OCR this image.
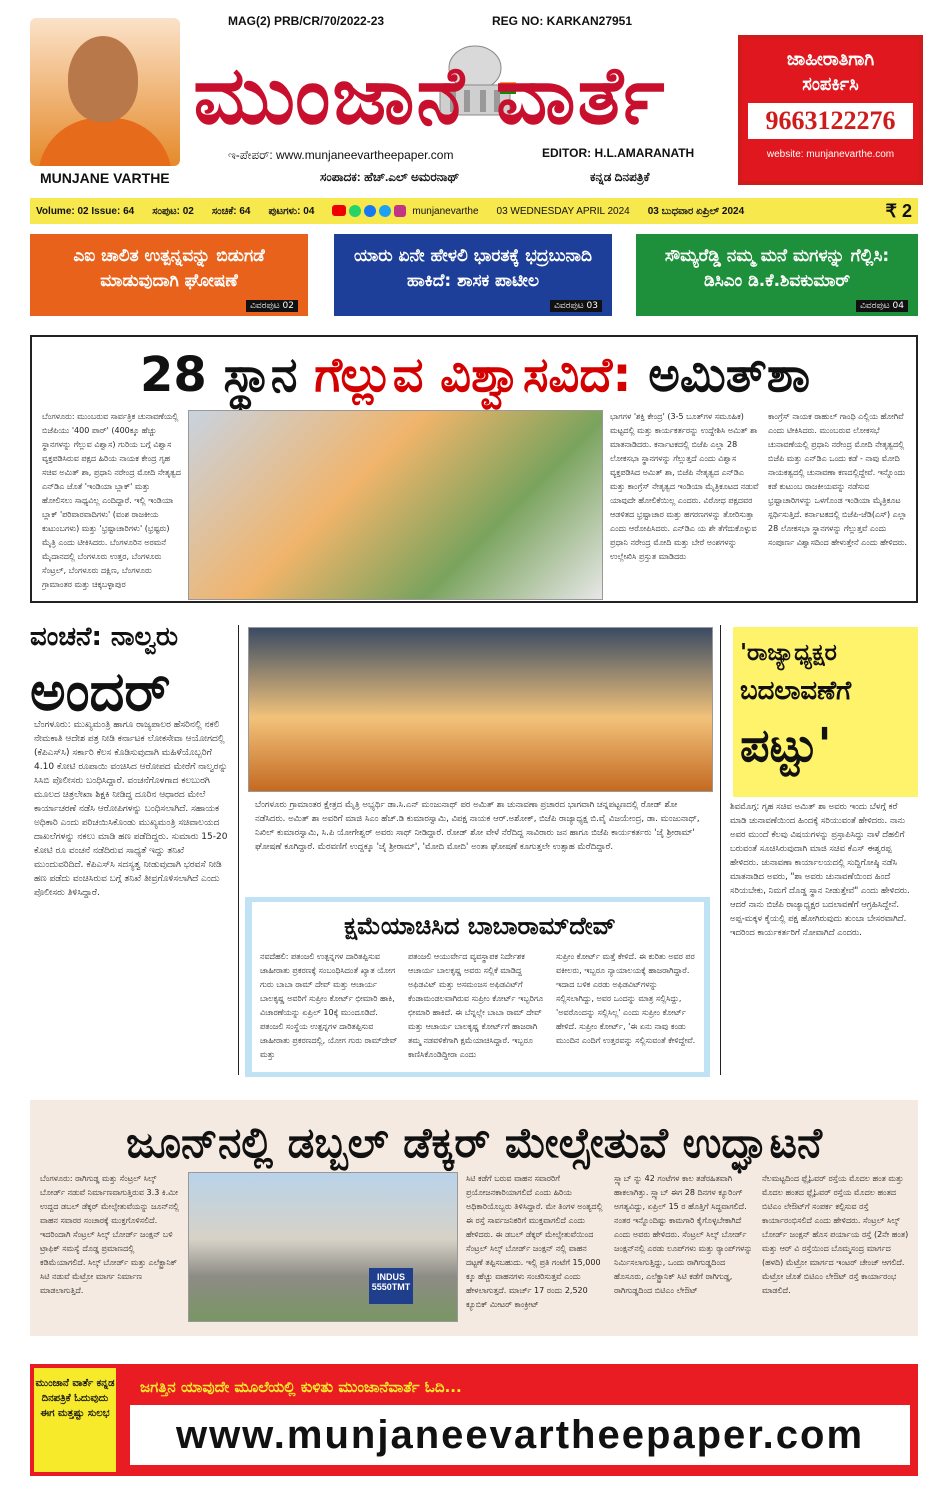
MUNJANE VARTHE
MAG(2) PRB/CR/70/2022-23	REG NO: KARKAN27951
ಮುಂಜಾನೆ ವಾರ್ತೆ
ಇ-ಪೇಪರ್: www.munjaneevartheepaper.com	EDITOR: H.L.AMARANATH
ಸಂಪಾದಕ: ಹೆಚ್.ಎಲ್ ಅಮರನಾಥ್	ಕನ್ನಡ ದಿನಪತ್ರಿಕೆ
ಜಾಹೀರಾತಿಗಾಗಿ
ಸಂಪರ್ಕಿಸಿ
9663122276
website: munjanevarthe.com
Volume: 02 Issue: 64 ಸಂಪುಟ: 02 ಸಂಚಿಕೆ: 64 ಪುಟಗಳು: 04	munjanevarthe 03 WEDNESDAY APRIL 2024 03 ಬುಧವಾರ ಏಪ್ರಿಲ್ 2024	₹ 2
ಎಐ ಚಾಲಿತ ಉತ್ಪನ್ನವನ್ನು ಬಿಡುಗಡೆ ಮಾಡುವುದಾಗಿ ಘೋಷಣೆ
ವಿವರಪುಟ 02
ಯಾರು ಏನೇ ಹೇಳಲಿ ಭಾರತಕ್ಕೆ ಭದ್ರಬುನಾದಿ ಹಾಕಿದೆ: ಶಾಸಕ ಪಾಟೀಲ
ವಿವರಪುಟ 03
ಸೌಮ್ಯರೆಡ್ಡಿ ನಮ್ಮ ಮನೆ ಮಗಳನ್ನು ಗೆಲ್ಲಿಸಿ: ಡಿಸಿಎಂ ಡಿ.ಕೆ.ಶಿವಕುಮಾರ್
ವಿವರಪುಟ 04
28 ಸ್ಥಾನ ಗೆಲ್ಲುವ ವಿಶ್ವಾಸವಿದೆ: ಅಮಿತ್‌ಶಾ
ಬೆಂಗಳೂರು: ಮುಂಬರುವ ಸಾರ್ವತ್ರಿಕ ಚುನಾವಣೆಯಲ್ಲಿ ಬಿಜೆಪಿಯು '400 ಪಾರ್' (400ಕ್ಕೂ ಹೆಚ್ಚು ಸ್ಥಾನಗಳನ್ನು ಗೆಲ್ಲುವ ವಿಶ್ವಾಸ) ಗುರಿಯ ಬಗ್ಗೆ ವಿಶ್ವಾಸ ವ್ಯಕ್ತಪಡಿಸಿರುವ ಪಕ್ಷದ ಹಿರಿಯ ನಾಯಕ ಕೇಂದ್ರ ಗೃಹ ಸಚಿವ ಅಮಿತ್ ಶಾ, ಪ್ರಧಾನಿ ನರೇಂದ್ರ ಮೋದಿ ನೇತೃತ್ವದ ಎನ್‌ಡಿಎ ಜೊತೆ 'ಇಂಡಿಯಾ ಬ್ಲಾಕ್' ಮತ್ತು ಹೋಲಿಸಲು ಸಾಧ್ಯವಿಲ್ಲ ಎಂದಿದ್ದಾರೆ. ಇಲ್ಲಿ ಇಂಡಿಯಾ ಬ್ಲಾಕ್ 'ಪರಿವಾರವಾದಿಗಳು' (ವಂಶ ರಾಜಕೀಯ ಕುಟುಂಬಗಳು) ಮತ್ತು 'ಭ್ರಷ್ಟಾಚಾರಿಗಳು' (ಭ್ರಷ್ಟರು) ಮೈತ್ರಿ ಎಂದು ಟೀಕಿಸಿದರು. ಬೆಂಗಳೂರಿನ ಅರಮನೆ ಮೈದಾನದಲ್ಲಿ ಬೆಂಗಳೂರು ಉತ್ತರ, ಬೆಂಗಳೂರು ಸೆಂಟ್ರಲ್, ಬೆಂಗಳೂರು ದಕ್ಷಿಣ, ಬೆಂಗಳೂರು ಗ್ರಾಮಾಂತರ ಮತ್ತು ಚಿಕ್ಕಬಳ್ಳಾಪುರ
ಭಾಗಗಳ 'ಶಕ್ತಿ ಕೇಂದ್ರ' (3-5 ಬೂತ್‌ಗಳ ಸಮೂಹಿಕ) ಮಟ್ಟದಲ್ಲಿ ಮತ್ತು ಕಾರ್ಯಕರ್ತರನ್ನು ಉದ್ದೇಶಿಸಿ ಅಮಿತ್ ಶಾ ಮಾತನಾಡಿದರು. ಕರ್ನಾಟಕದಲ್ಲಿ ಬಿಜೆಪಿ ಎಲ್ಲಾ 28 ಲೋಕಸಭಾ ಸ್ಥಾನಗಳನ್ನು ಗೆಲ್ಲುತ್ತದೆ ಎಂದು ವಿಶ್ವಾಸ ವ್ಯಕ್ತಪಡಿಸಿದ ಅಮಿತ್ ಶಾ, ಬಿಜೆಪಿ ನೇತೃತ್ವದ ಎನ್‌ಡಿಎ ಮತ್ತು ಕಾಂಗ್ರೆಸ್ ನೇತೃತ್ವದ ಇಂಡಿಯಾ ಮೈತ್ರಿಕೂಟದ ನಡುವೆ ಯಾವುದೇ ಹೋಲಿಕೆಯಿಲ್ಲ ಎಂದರು. ವಿರೋಧ ಪಕ್ಷದವರ ಆಡಳಿತದ ಭ್ರಷ್ಟಾಚಾರ ಮತ್ತು ಹಗರಣಗಳನ್ನು ತೋರಿಸುತ್ತಾ ಎಂದು ಆರೋಪಿಸಿದರು. ಎನ್‌ಡಿಎ ಯ ಶೇ ತೆಗೆದುಕೊಳ್ಳುವ ಪ್ರಧಾನಿ ನರೇಂದ್ರ ಮೋದಿ ಮತ್ತು ಬೇರೆ ಅಂಶಗಳನ್ನು ಉಲ್ಲೇಖಿಸಿ ಪ್ರಸ್ತುತ ಮಾಡಿದರು
ಕಾಂಗ್ರೆಸ್ ನಾಯಕ ರಾಹುಲ್ ಗಾಂಧಿ ಎಲ್ಲಿಯ ಹೋಗಿವೆ ಎಂದು ಟೀಕಿಸಿದರು. ಮುಂಬರುವ ಲೋಕಸಭೆ ಚುನಾವಣೆಯಲ್ಲಿ ಪ್ರಧಾನಿ ನರೇಂದ್ರ ಮೋದಿ ನೇತೃತ್ವದಲ್ಲಿ ಬಿಜೆಪಿ ಮತ್ತು ಎನ್‌ಡಿಎ ಒಂದು ಕಡೆ - ನಾವು ಮೋದಿ ನಾಯಕತ್ವದಲ್ಲಿ ಚುನಾವಣಾ ಕಣದಲ್ಲಿದ್ದೇವೆ. ಇನ್ನೊಂದು ಕಡೆ ಕುಟುಂಬ ರಾಜಕೀಯವನ್ನು ನಡೆಸುವ ಭ್ರಷ್ಟಾಚಾರಿಗಳನ್ನು ಒಳಗೊಂಡ ಇಂಡಿಯಾ ಮೈತ್ರಿಕೂಟ ಸ್ಪರ್ಧಿಸುತ್ತಿದೆ. ಕರ್ನಾಟಕದಲ್ಲಿ ಬಿಜೆಪಿ-ಜೆಡಿ(ಎಸ್) ಎಲ್ಲಾ 28 ಲೋಕಸಭಾ ಸ್ಥಾನಗಳನ್ನು ಗೆಲ್ಲುತ್ತವೆ ಎಂದು ಸಂಪೂರ್ಣ ವಿಶ್ವಾಸದಿಂದ ಹೇಳುತ್ತೇನೆ ಎಂದು ಹೇಳಿದರು.
ವಂಚನೆ: ನಾಲ್ವರು
ಅಂದರ್
ಬೆಂಗಳೂರು: ಮುಖ್ಯಮಂತ್ರಿ ಹಾಗೂ ರಾಜ್ಯಪಾಲರ ಹೆಸರಿನಲ್ಲಿ ನಕಲಿ ನೇಮಕಾತಿ ಆದೇಶ ಪತ್ರ ನೀಡಿ ಕರ್ನಾಟಕ ಲೋಕಸೇವಾ ಆಯೋಗದಲ್ಲಿ (ಕೆಪಿಎಸ್‌ಸಿ) ಸರ್ಕಾರಿ ಕೆಲಸ ಕೊಡಿಸುವುದಾಗಿ ಮಹಿಳೆಯೊಬ್ಬರಿಗೆ 4.10 ಕೋಟಿ ರೂಪಾಯಿ ವಂಚಿಸಿದ ಆರೋಪದ ಮೇರೆಗೆ ನಾಲ್ವರನ್ನು ಸಿಸಿಬಿ ಪೊಲೀಸರು ಬಂಧಿಸಿದ್ದಾರೆ. ವಂಚನೆಗೊಳಗಾದ ಕಲಬುರಗಿ ಮೂಲದ ಚಿತ್ರಲೇಖಾ ಶಿಕ್ಷಕಿ ನೀಡಿದ್ದ ದೂರಿನ ಆಧಾರದ ಮೇಲೆ ಕಾರ್ಯಾಚರಣೆ ನಡೆಸಿ ಆರೋಪಿಗಳನ್ನು ಬಂಧಿಸಲಾಗಿದೆ. ಸಹಾಯಕ ಅಧಿಕಾರಿ ಎಂದು ಪರಿಚಯಿಸಿಕೊಂಡು ಮುಖ್ಯಮಂತ್ರಿ ಸಚಿವಾಲಯದ ದಾಖಲೆಗಳನ್ನು ನಕಲು ಮಾಡಿ ಹಣ ಪಡೆದಿದ್ದರು. ಸುಮಾರು 15-20 ಕೋಟಿ ರೂ ವಂಚನೆ ನಡೆದಿರುವ ಸಾಧ್ಯತೆ ಇದ್ದು ತನಿಖೆ ಮುಂದುವರಿದಿದೆ. ಕೆಪಿಎಸ್‌ಸಿ ಸದಸ್ಯತ್ವ ನೀಡುವುದಾಗಿ ಭರವಸೆ ನೀಡಿ ಹಣ ಪಡೆದು ವಂಚಿಸಿರುವ ಬಗ್ಗೆ ತನಿಖೆ ತೀವ್ರಗೊಳಿಸಲಾಗಿದೆ ಎಂದು ಪೊಲೀಸರು ತಿಳಿಸಿದ್ದಾರೆ.
ಬೆಂಗಳೂರು ಗ್ರಾಮಾಂತರ ಕ್ಷೇತ್ರದ ಮೈತ್ರಿ ಅಭ್ಯರ್ಥಿ ಡಾ.ಸಿ.ಎನ್ ಮಂಜುನಾಥ್ ಪರ ಅಮಿತ್ ಶಾ ಚುನಾವಣಾ ಪ್ರಚಾರದ ಭಾಗವಾಗಿ ಚನ್ನಪಟ್ಟಣದಲ್ಲಿ ರೋಡ್ ಶೋ ನಡೆಸಿದರು. ಅಮಿತ್ ಶಾ ಅವರಿಗೆ ಮಾಜಿ ಸಿಎಂ ಹೆಚ್.ಡಿ ಕುಮಾರಸ್ವಾಮಿ, ವಿಪಕ್ಷ ನಾಯಕ ಆರ್.ಅಶೋಕ್, ಬಿಜೆಪಿ ರಾಜ್ಯಾಧ್ಯಕ್ಷ ಬಿ.ವೈ ವಿಜಯೇಂದ್ರ, ಡಾ. ಮಂಜುನಾಥ್, ನಿಖಿಲ್ ಕುಮಾರಸ್ವಾಮಿ, ಸಿ.ಪಿ ಯೋಗೇಶ್ವರ್ ಅವರು ಸಾಥ್ ನೀಡಿದ್ದಾರೆ. ರೋಡ್ ಶೋ ವೇಳೆ ನೆರೆದಿದ್ದ ಸಾವಿರಾರು ಜನ ಹಾಗೂ ಬಿಜೆಪಿ ಕಾರ್ಯಕರ್ತರು 'ಜೈ ಶ್ರೀರಾಮ್' ಘೋಷಣೆ ಕೂಗಿದ್ದಾರೆ. ಮೆರವಣಿಗೆ ಉದ್ದಕ್ಕೂ 'ಜೈ ಶ್ರೀರಾಮ್', 'ಮೋದಿ ಮೋದಿ' ಅಂತಾ ಘೋಷಣೆ ಕೂಗುತ್ತಲೇ ಉತ್ಸಾಹ ಮೆರೆದಿದ್ದಾರೆ.
'ರಾಜ್ಯಾಧ್ಯಕ್ಷರ
ಬದಲಾವಣೆಗೆ
ಪಟ್ಟು'
ಶಿವಮೊಗ್ಗ: ಗೃಹ ಸಚಿವ ಅಮಿತ್ ಶಾ ಅವರು ಇಂದು ಬೆಳಗ್ಗೆ ಕರೆ ಮಾಡಿ ಚುನಾವಣೆಯಿಂದ ಹಿಂದಕ್ಕೆ ಸರಿಯುವಂತೆ ಹೇಳಿದರು. ನಾನು ಅವರ ಮುಂದೆ ಕೆಲವು ವಿಷಯಗಳನ್ನು ಪ್ರಸ್ತಾಪಿಸಿದ್ದು ನಾಳೆ ದೆಹಲಿಗೆ ಬರುವಂತೆ ಸೂಚಿಸಿರುವುದಾಗಿ ಮಾಜಿ ಸಚಿವ ಕೆಎಸ್ ಈಶ್ವರಪ್ಪ ಹೇಳಿದರು. ಚುನಾವಣಾ ಕಾರ್ಯಾಲಯದಲ್ಲಿ ಸುದ್ದಿಗೋಷ್ಠಿ ನಡೆಸಿ ಮಾತನಾಡಿದ ಅವರು, "ಶಾ ಅವರು ಚುನಾವಣೆಯಿಂದ ಹಿಂದೆ ಸರಿಯಬೇಕು, ನಿಮಗೆ ದೊಡ್ಡ ಸ್ಥಾನ ನೀಡುತ್ತೇವೆ" ಎಂದು ಹೇಳಿದರು. ಆದರೆ ನಾನು ಬಿಜೆಪಿ ರಾಜ್ಯಾಧ್ಯಕ್ಷರ ಬದಲಾವಣೆಗೆ ಆಗ್ರಹಿಸಿದ್ದೇನೆ. ಅಪ್ಪ-ಮಕ್ಕಳ ಕೈಯಲ್ಲಿ ಪಕ್ಷ ಹೋಗಿರುವುದು ತುಂಬಾ ಬೇಸರವಾಗಿದೆ. ಇದರಿಂದ ಕಾರ್ಯಕರ್ತರಿಗೆ ನೋವಾಗಿದೆ ಎಂದರು.
ಕ್ಷಮೆಯಾಚಿಸಿದ ಬಾಬಾರಾಮ್‌ದೇವ್
ನವದೆಹಲಿ: ಪತಂಜಲಿ ಉತ್ಪನ್ನಗಳ ದಾರಿತಪ್ಪಿಸುವ ಜಾಹೀರಾತು ಪ್ರಕರಣಕ್ಕೆ ಸಂಬಂಧಿಸಿದಂತೆ ಖ್ಯಾತ ಯೋಗ ಗುರು ಬಾಬಾ ರಾಮ್ ದೇವ್ ಮತ್ತು ಆಚಾರ್ಯ ಬಾಲಕೃಷ್ಣ ಅವರಿಗೆ ಸುಪ್ರೀಂ ಕೋರ್ಟ್ ಛೀಮಾರಿ ಹಾಕಿ, ವಿಚಾರಣೆಯನ್ನು ಏಪ್ರಿಲ್ 10ಕ್ಕೆ ಮುಂದೂಡಿದೆ. ಪತಂಜಲಿ ಸಂಸ್ಥೆಯ ಉತ್ಪನ್ನಗಳ ದಾರಿತಪ್ಪಿಸುವ ಜಾಹೀರಾತು ಪ್ರಕರಣದಲ್ಲಿ, ಯೋಗ ಗುರು ರಾಮ್‌ದೇವ್ ಮತ್ತು
ಪತಂಜಲಿ ಆಯುರ್ವೇದ ವ್ಯವಸ್ಥಾಪಕ ನಿರ್ದೇಶಕ ಆಚಾರ್ಯ ಬಾಲಕೃಷ್ಣ ಅವರು ಸಲ್ಲಿಕೆ ಮಾಡಿದ್ದ ಅಫಿಡವಿಟ್ ಮತ್ತು ಅಸಮಂಜಸ ಅಫಿಡವಿಟ್‌ಗೆ ಕೆಂಡಾಮಂಡಲವಾಗಿರುವ ಸುಪ್ರೀಂ ಕೋರ್ಟ್ ಇಬ್ಬರಿಗೂ ಛೀಮಾರಿ ಹಾಕಿದೆ. ಈ ಬೆನ್ನಲ್ಲೇ ಬಾಬಾ ರಾಮ್ ದೇವ್ ಮತ್ತು ಆಚಾರ್ಯ ಬಾಲಕೃಷ್ಣ ಕೋರ್ಟ್‌ಗೆ ಹಾಜರಾಗಿ ತಮ್ಮ ನಡವಳಿಕೆಗಾಗಿ ಕ್ಷಮೆಯಾಚಿಸಿದ್ದಾರೆ. ಇಬ್ಬರೂ ಕಾಣಿಸಿಕೊಂಡಿದ್ದೀರಾ ಎಂದು
ಸುಪ್ರೀಂ ಕೋರ್ಟ್ ಮತ್ತೆ ಕೇಳಿದೆ. ಈ ಕುರಿತು ಅವರ ಪರ ವಕೀಲರು, ಇಬ್ಬರೂ ನ್ಯಾಯಾಲಯಕ್ಕೆ ಹಾಜರಾಗಿದ್ದಾರೆ. ಇದಾದ ಬಳಿಕ ಎರಡು ಅಫಿಡವಿಟ್‌ಗಳನ್ನು ಸಲ್ಲಿಸಲಾಗಿದ್ದು, ಅವರ ಒಂದನ್ನು ಮಾತ್ರ ಸಲ್ಲಿಸಿದ್ದು, 'ಅವರೊಂದನ್ನು ಸಲ್ಲಿಸಿಲ್ಲ' ಎಂದು ಸುಪ್ರೀಂ ಕೋರ್ಟ್ ಹೇಳಿದೆ. ಸುಪ್ರೀಂ ಕೋರ್ಟ್, 'ಈ ಏನು ನಾವು ಕಂಡು ಮುಂದಿನ ಎಂದಿಗೆ ಉತ್ತರವನ್ನು ಸಲ್ಲಿಸುವಂತೆ ಕೇಳಿದ್ದೇವೆ.
ಜೂನ್‌ನಲ್ಲಿ ಡಬ್ಬಲ್ ಡೆಕ್ಕರ್ ಮೇಲ್ಸೇತುವೆ ಉದ್ಘಾಟನೆ
ಬೆಂಗಳೂರು: ರಾಗಿಗುಡ್ಡ ಮತ್ತು ಸೆಂಟ್ರಲ್ ಸಿಲ್ಕ್ ಬೋರ್ಡ್ ನಡುವೆ ನಿರ್ಮಾಣವಾಗುತ್ತಿರುವ 3.3 ಕಿ.ಮೀ ಉದ್ದದ ಡಬಲ್ ಡೆಕ್ಕರ್ ಮೇಲ್ಸೇತುವೆಯನ್ನು ಜೂನ್‌ನಲ್ಲಿ ವಾಹನ ಸವಾರರ ಸಂಚಾರಕ್ಕೆ ಮುಕ್ತಗೊಳಿಸಲಿದೆ. ಇದರಿಂದಾಗಿ ಸೆಂಟ್ರಲ್ ಸಿಲ್ಕ್ ಬೋರ್ಡ್ ಜಂಕ್ಷನ್ ಬಳಿ ಟ್ರಾಫಿಕ್ ಸಮಸ್ಯೆ ದೊಡ್ಡ ಪ್ರಮಾಣದಲ್ಲಿ ಕಡಿಮೆಯಾಗಲಿದೆ. ಸಿಲ್ಕ್ ಬೋರ್ಡ್ ಮತ್ತು ಎಲೆಕ್ಟ್ರಾನಿಕ್ ಸಿಟಿ ನಡುವೆ ಮೆಟ್ರೋ ಮಾರ್ಗ ನಿರ್ಮಾಣ ಮಾಡಲಾಗುತ್ತಿದೆ.
INDUS 5550TMT
ಸಿಟಿ ಕಡೆಗೆ ಬರುವ ವಾಹನ ಸವಾರರಿಗೆ ಪ್ರಯೋಜನಕಾರಿಯಾಗಲಿದೆ ಎಂದು ಹಿರಿಯ ಅಧಿಕಾರಿಯೊಬ್ಬರು ತಿಳಿಸಿದ್ದಾರೆ. ಮೇ ತಿಂಗಳ ಅಂತ್ಯದಲ್ಲಿ ಈ ರಸ್ತೆ ಸಾರ್ವಜನಿಕರಿಗೆ ಮುಕ್ತವಾಗಲಿದೆ ಎಂದು ಹೇಳಿದರು. ಈ ಡಬಲ್ ಡೆಕ್ಕರ್ ಮೇಲ್ಸೇತುವೆಯಿಂದ ಸೆಂಟ್ರಲ್ ಸಿಲ್ಕ್ ಬೋರ್ಡ್ ಜಂಕ್ಷನ್ ನಲ್ಲಿ ವಾಹನ ದಟ್ಟಣೆ ತಪ್ಪಿಸಬಹುದು. ಇಲ್ಲಿ ಪ್ರತಿ ಗಂಟೆಗೆ 15,000 ಕ್ಕೂ ಹೆಚ್ಚು ವಾಹನಗಳು ಸಂಚರಿಸುತ್ತವೆ ಎಂದು ಹೇಳಲಾಗುತ್ತದೆ. ಮಾರ್ಚ್ 17 ರಂದು 2,520 ಕ್ಯೂಬಿಕ್ ಮೀಟರ್ ಕಾಂಕ್ರೀಟ್
ಸ್ಲ್ಯಾಬ್ ನ್ನು 42 ಗಂಟೆಗಳ ಕಾಲ ತಡೆರಹಿತವಾಗಿ ಹಾಕಲಾಗಿತ್ತು. ಸ್ಲ್ಯಾಬ್ ಈಗ 28 ದಿನಗಳ ಕ್ಯೂರಿಂಗ್ ಅಗತ್ಯವಿದ್ದು, ಏಪ್ರಿಲ್ 15 ರ ಹೊತ್ತಿಗೆ ಸಿದ್ಧವಾಗಲಿದೆ. ನಂತರ ಇನ್ನೊಂದಿಷ್ಟು ಕಾಮಗಾರಿ ಕೈಗೊಳ್ಳಬೇಕಾಗಿದೆ ಎಂದು ಅವರು ಹೇಳಿದರು. ಸೆಂಟ್ರಲ್ ಸಿಲ್ಕ್ ಬೋರ್ಡ್ ಜಂಕ್ಷನ್‌ನಲ್ಲಿ ಎರಡು ಲೂಪ್‌ಗಳು ಮತ್ತು ರ್‍ಯಾಂಪ್‌ಗಳನ್ನು ನಿರ್ಮಿಸಲಾಗುತ್ತಿದ್ದು, ಒಂದು ರಾಗಿಗುಡ್ಡದಿಂದ ಹೊಸೂರು, ಎಲೆಕ್ಟ್ರಾನಿಕ್ ಸಿಟಿ ಕಡೆಗೆ ರಾಗಿಗುಡ್ಡ, ರಾಗಿಗುಡ್ಡದಿಂದ ಬಿಟಿಎಂ ಲೇಔಟ್
ನೆಲಮಟ್ಟದಿಂದ ಫ್ಲೈಓವರ್ ರಸ್ತೆಯ ಮೊದಲ ಹಂತ ಮತ್ತು ಮೊದಲ ಹಂತದ ಫ್ಲೈಓವರ್ ರಸ್ತೆಯ ಮೊದಲ ಹಂತದ ಬಿಟಿಎಂ ಲೇಔಟ್‌ಗೆ ಸಂಪರ್ಕ ಕಲ್ಪಿಸುವ ರಸ್ತೆ ಕಾರ್ಯಾರಂಭಿಸಲಿದೆ ಎಂದು ಹೇಳಿದರು. ಸೆಂಟ್ರಲ್ ಸಿಲ್ಕ್ ಬೋರ್ಡ್ ಜಂಕ್ಷನ್ ಹೊಸ ಪರ್ಯಾಯ ರಸ್ತೆ (2ನೇ ಹಂತ) ಮತ್ತು ಆರ್ ವಿ ರಸ್ತೆಯಿಂದ ಬೊಮ್ಮಸಂದ್ರ ಮಾರ್ಗದ (ಹಳದಿ) ಮೆಟ್ರೋ ಮಾರ್ಗದ ಇಂಟರ್ ಚೇಂಜ್ ಆಗಲಿದೆ. ಮೆಟ್ರೋ ಜೊತೆ ಬಿಟಿಎಂ ಲೇಔಟ್ ರಸ್ತೆ ಕಾರ್ಯಾರಂಭ ಮಾಡಲಿದೆ.
ಮುಂಜಾನೆ ವಾರ್ತೆ ಕನ್ನಡ ದಿನಪತ್ರಿಕೆ ಓದುವುದು ಈಗ ಮತ್ತಷ್ಟು ಸುಲಭ
ಜಗತ್ತಿನ ಯಾವುದೇ ಮೂಲೆಯಲ್ಲಿ ಕುಳಿತು ಮುಂಜಾನೆವಾರ್ತೆ ಓದಿ...
www.munjaneevartheepaper.com
